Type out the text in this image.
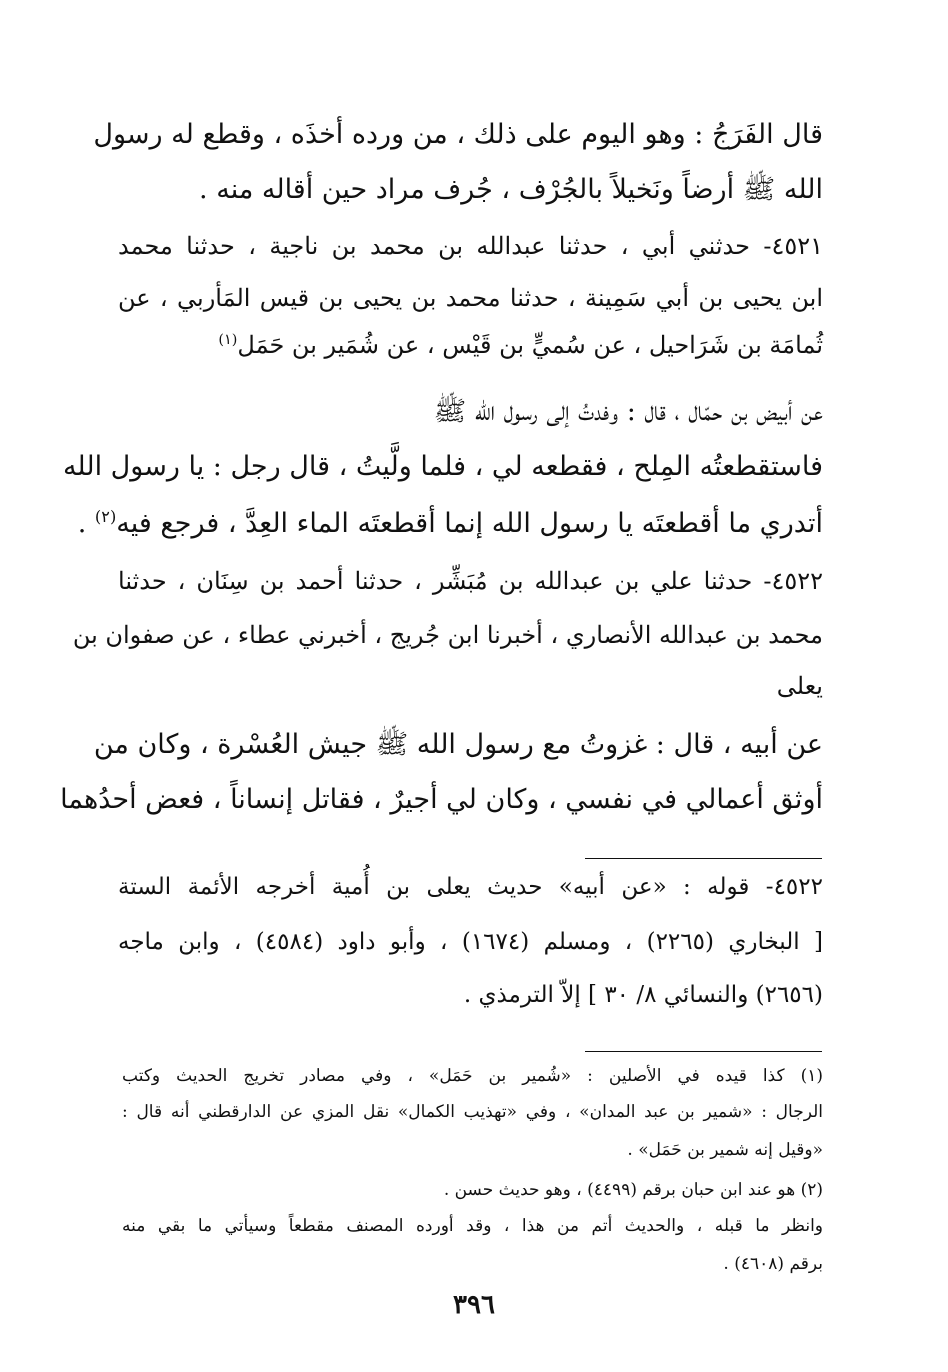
قال الفَرَجُ : وهو اليوم على ذلك ، من ورده أخذَه ، وقطع له رسول
الله ﷺ أرضاً ونَخيلاً بالجُرْف ، جُرف مراد حين أقاله منه .
٤٥٢١- حدثني أبي ، حدثنا عبدالله بن محمد بن ناجية ، حدثنا محمد
ابن يحيى بن أبي سَمِينة ، حدثنا محمد بن يحيى بن قيس المَأربي ، عن
ثُمامَة بن شَرَاحيل ، عن سُميٍّ بن قَيْس ، عن شُمَير بن حَمَل$^{(١)}$
عن أبيض بن حمّال ، قال : وفدتُ إلى رسول الله ﷺ
فاستقطعتُه المِلح ، فقطعه لي ، فلما ولَّيتُ ، قال رجل : يا رسول الله
أتدري ما أقطعتَه يا رسول الله إنما أقطعتَه الماء العِدَّ ، فرجع فيه$^{(٢)}$ .
٤٥٢٢- حدثنا علي بن عبدالله بن مُبَشِّر ، حدثنا أحمد بن سِنَان ، حدثنا
محمد بن عبدالله الأنصاري ، أخبرنا ابن جُريج ، أخبرني عطاء ، عن صفوان بن
يعلى
عن أبيه ، قال : غزوتُ مع رسول الله ﷺ جيش العُسْرة ، وكان من
أوثق أعمالي في نفسي ، وكان لي أجيرٌ ، فقاتل إنساناً ، فعض أحدُهما
٤٥٢٢- قوله : «عن أبيه» حديث يعلى بن أُمية أخرجه الأئمة الستة
[ البخاري (٢٢٦٥) ، ومسلم (١٦٧٤) ، وأبو داود (٤٥٨٤) ، وابن ماجه
(٢٦٥٦) والنسائي ٨/ ٣٠ ] إلاّ الترمذي .
(١) كذا قيده في الأصلين : «شُمير بن حَمَل» ، وفي مصادر تخريج الحديث وكتب
الرجال : «شمير بن عبد المدان» ، وفي «تهذيب الكمال» نقل المزي عن الدارقطني أنه قال :
«وقيل إنه شمير بن حَمَل» .
(٢) هو عند ابن حبان برقم (٤٤٩٩) ، وهو حديث حسن .
وانظر ما قبله ، والحديث أتم من هذا ، وقد أورده المصنف مقطعاً وسيأتي ما بقي منه
برقم (٤٦٠٨) .
٣٩٦
